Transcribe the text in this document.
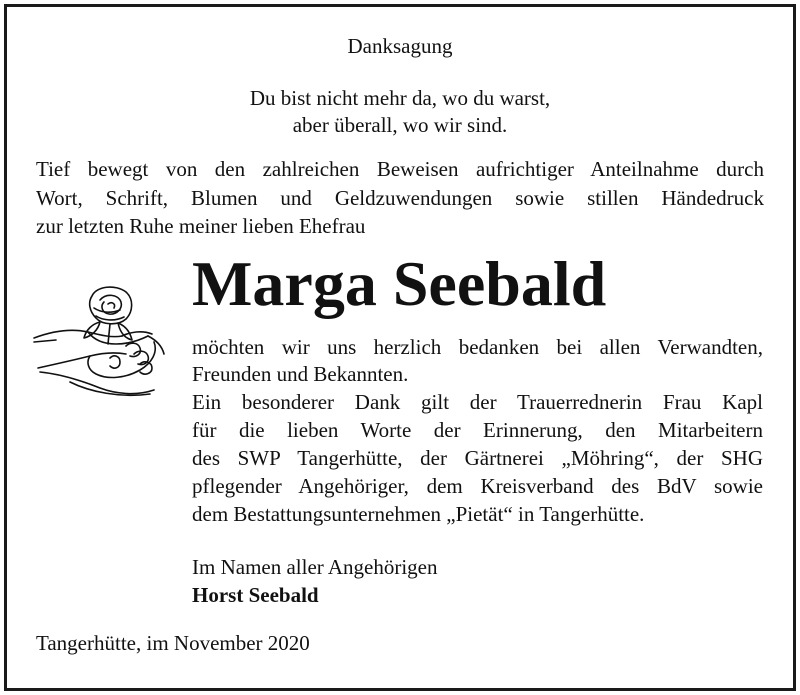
Danksagung
Du bist nicht mehr da, wo du warst,
aber überall, wo wir sind.
Tief bewegt von den zahlreichen Beweisen aufrichtiger Anteilnahme durch
Wort, Schrift, Blumen und Geldzuwendungen sowie stillen Händedruck
zur letzten Ruhe meiner lieben Ehefrau
Marga Seebald
möchten wir uns herzlich bedanken bei allen Verwandten,
Freunden und Bekannten.
Ein besonderer Dank gilt der Trauerrednerin Frau Kapl
für die lieben Worte der Erinnerung, den Mitarbeitern
des SWP Tangerhütte, der Gärtnerei „Möhring“, der SHG
pflegender Angehöriger, dem Kreisverband des BdV sowie
dem Bestattungsunternehmen „Pietät“ in Tangerhütte.
Im Namen aller Angehörigen
Horst Seebald
Tangerhütte, im November 2020
